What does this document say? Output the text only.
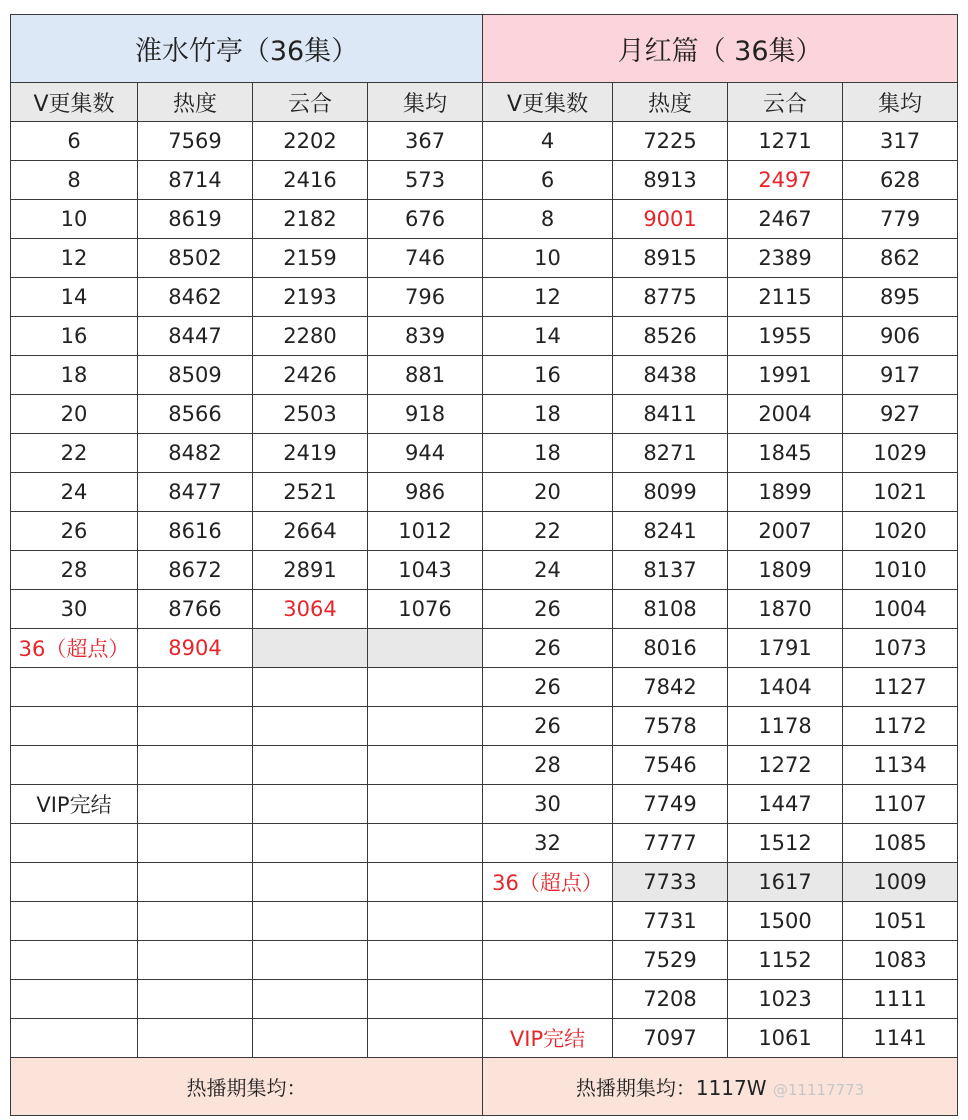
淮水竹亭（36集）				月红篇（ 36集）			
V更集数	热度	云合	集均	V更集数	热度	云合	集均
6	7569	2202	367	4	7225	1271	317
8	8714	2416	573	6	8913	2497	628
10	8619	2182	676	8	9001	2467	779
12	8502	2159	746	10	8915	2389	862
14	8462	2193	796	12	8775	2115	895
16	8447	2280	839	14	8526	1955	906
18	8509	2426	881	16	8438	1991	917
20	8566	2503	918	18	8411	2004	927
22	8482	2419	944	18	8271	1845	1029
24	8477	2521	986	20	8099	1899	1021
26	8616	2664	1012	22	8241	2007	1020
28	8672	2891	1043	24	8137	1809	1010
30	8766	3064	1076	26	8108	1870	1004
36（超点）	8904			26	8016	1791	1073
				26	7842	1404	1127
				26	7578	1178	1172
				28	7546	1272	1134
VIP完结				30	7749	1447	1107
				32	7777	1512	1085
				36（超点）	7733	1617	1009
					7731	1500	1051
					7529	1152	1083
					7208	1023	1111
				VIP完结	7097	1061	1141
热播期集均：				热播期集均：1117W @11117773			
